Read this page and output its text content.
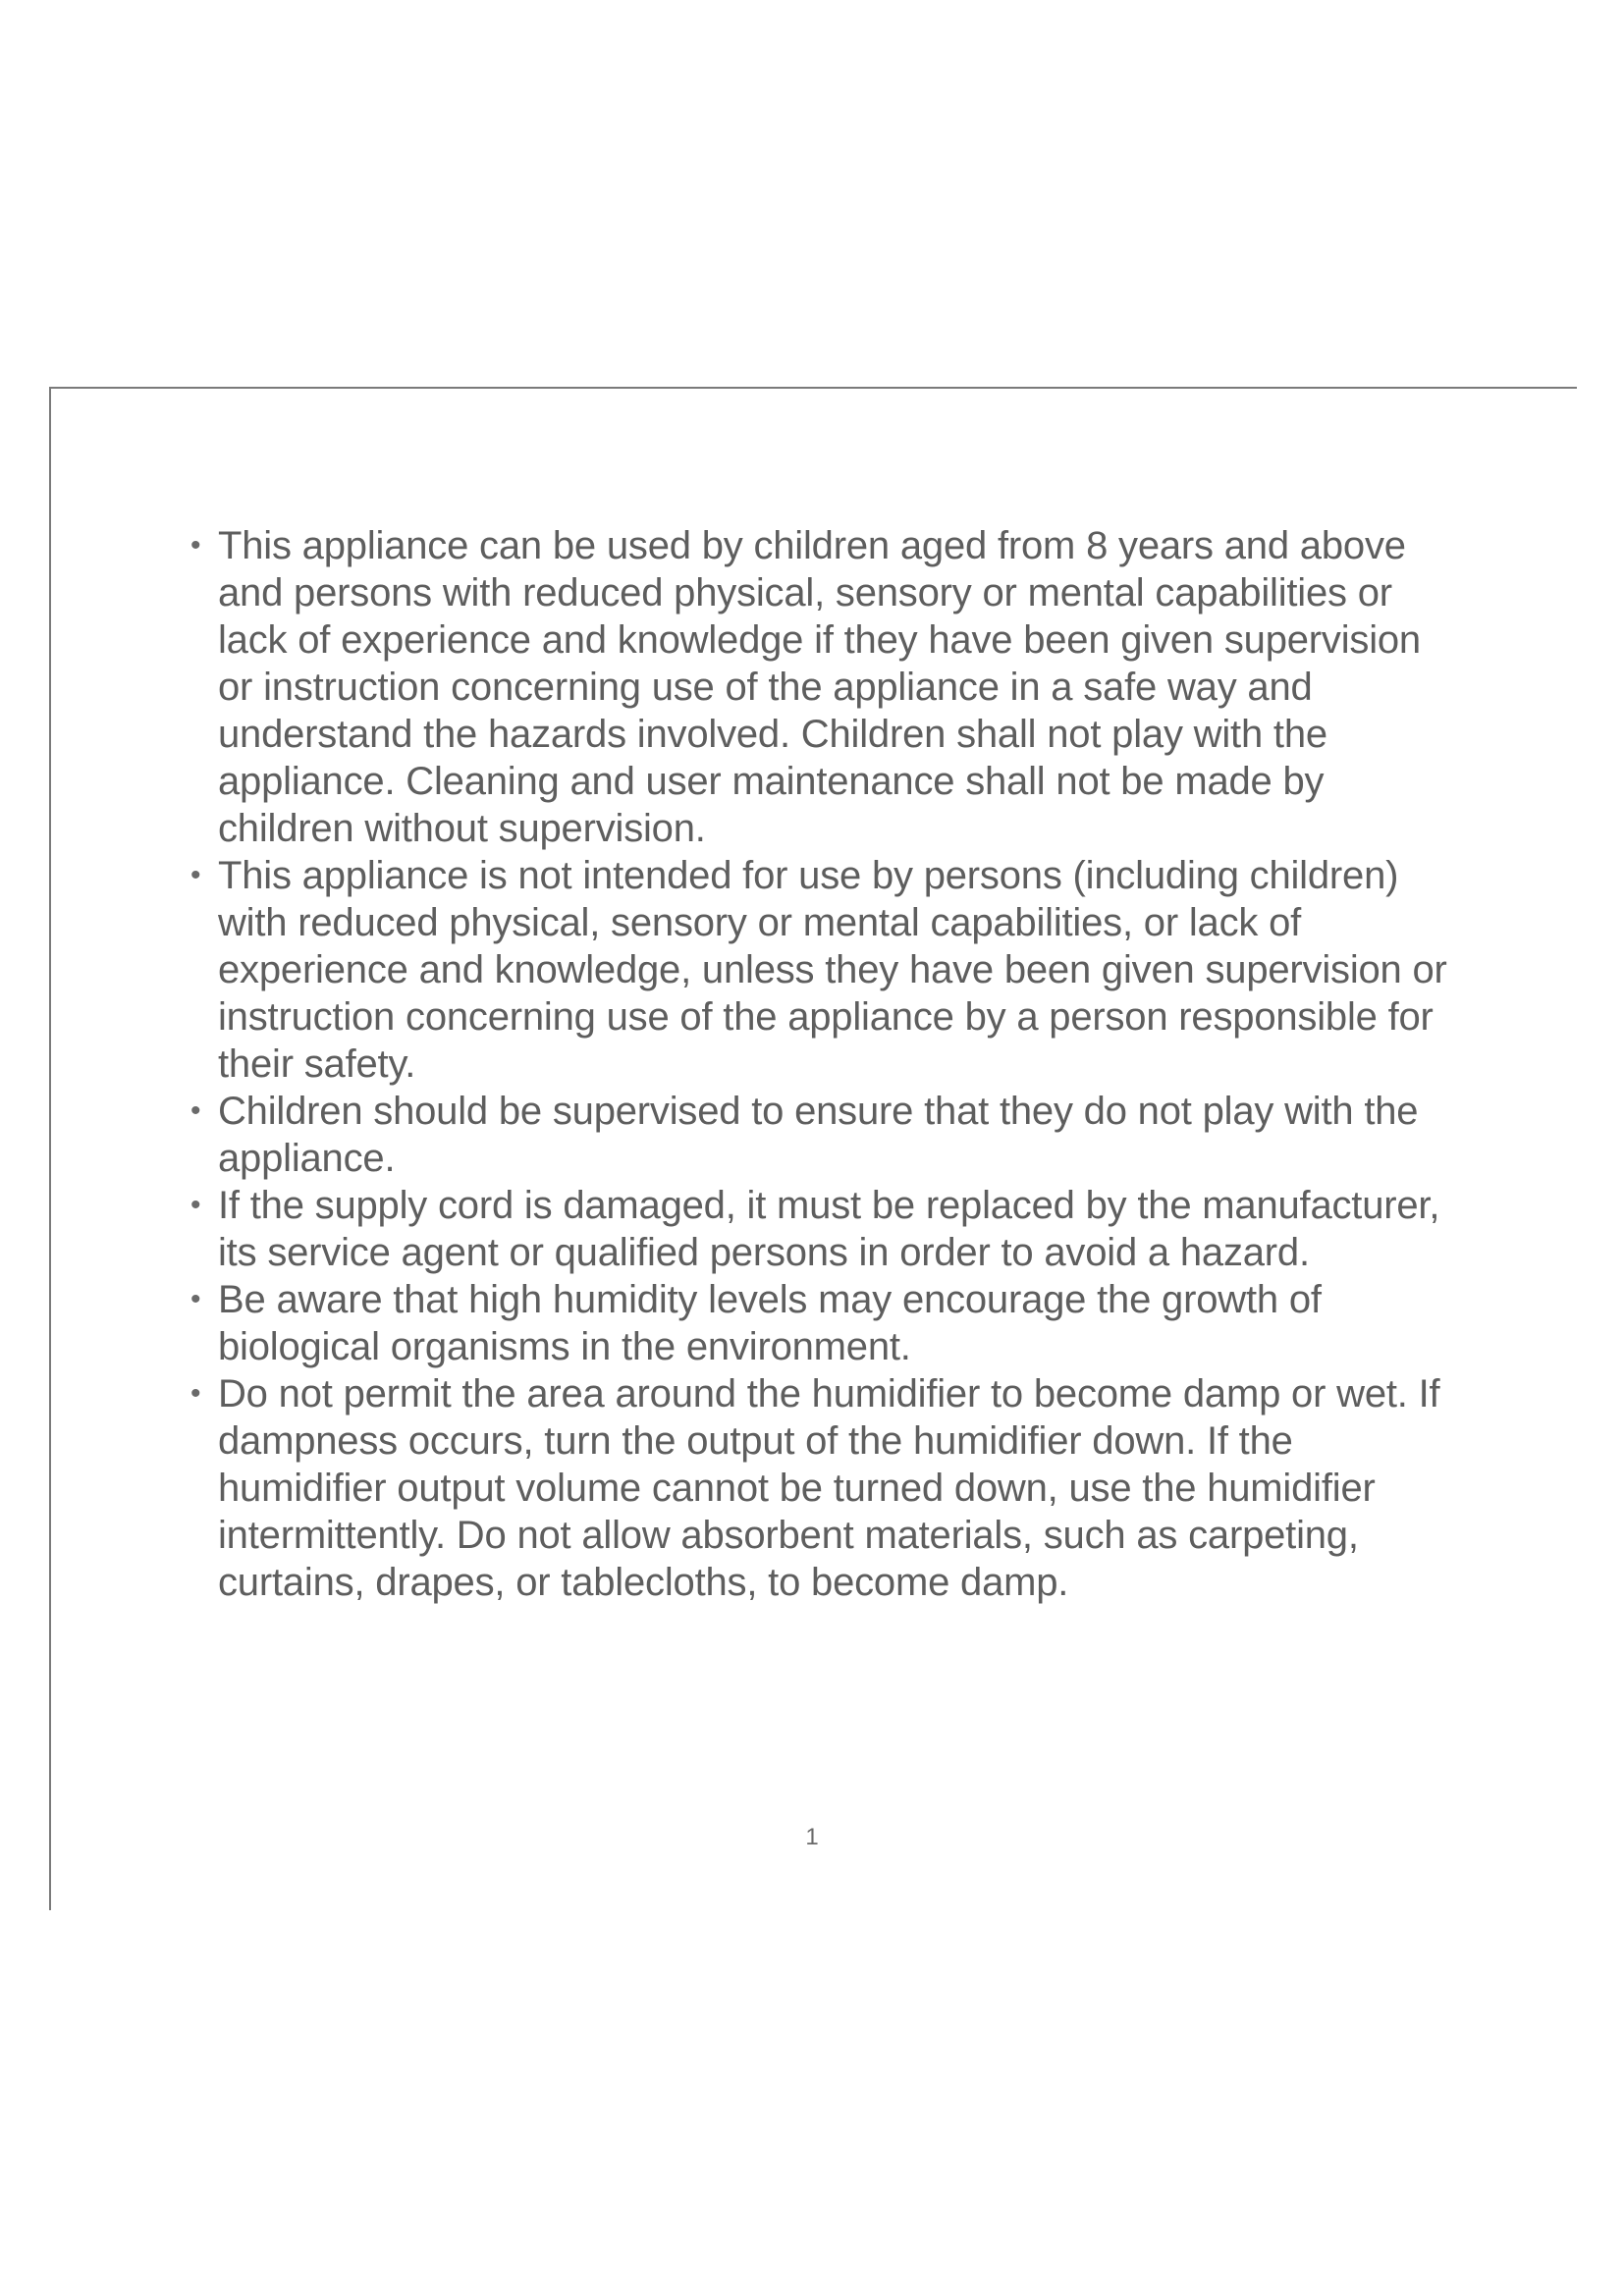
• This appliance can be used by children aged from 8 years and above and persons with reduced physical, sensory or mental capabilities or lack of experience and knowledge if they have been given supervision or instruction concerning use of the appliance in a safe way and understand the hazards involved. Children shall not play with the appliance. Cleaning and user maintenance shall not be made by children without supervision.
• This appliance is not intended for use by persons (including children) with reduced physical, sensory or mental capabilities, or lack of experience and knowledge, unless they have been given supervision or instruction concerning use of the appliance by a person responsible for their safety.
• Children should be supervised to ensure that they do not play with the appliance.
• If the supply cord is damaged, it must be replaced by the manufacturer, its service agent or qualified persons in order to avoid a hazard.
• Be aware that high humidity levels may encourage the growth of biological organisms in the environment.
• Do not permit the area around the humidifier to become damp or wet. If dampness occurs, turn the output of the humidifier down. If the humidifier output volume cannot be turned down, use the humidifier intermittently. Do not allow absorbent materials, such as carpeting, curtains, drapes, or tablecloths, to become damp.
1
